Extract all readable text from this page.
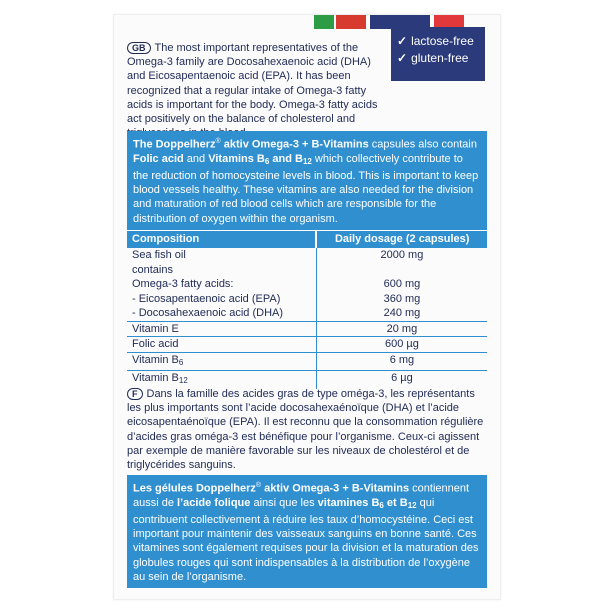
✓ lactose-free
✓ gluten-free
GB The most important representatives of the Omega-3 family are Docosahexaenoic acid (DHA) and Eicosapentaenoic acid (EPA). It has been recognized that a regular intake of Omega-3 fatty acids is important for the body. Omega-3 fatty acids act positively on the balance of cholesterol and
The Doppelherz® aktiv Omega-3 + B-Vitamins capsules also contain Folic acid and Vitamins $B_6$ and $B_{12}$ which collectively contribute to the reduction of homocysteine levels in blood. This is important to keep blood vessels healthy. These vitamins are also needed for the division and maturation of red blood cells which are responsible for the distribution of oxygen within the organism.
Composition	Daily dosage (2 capsules)
Sea fish oil	2000 mg
contains	
Omega-3 fatty acids:	600 mg
- Eicosapentaenoic acid (EPA)	360 mg
- Docosahexaenoic acid (DHA)	240 mg
Vitamin E	20 mg
Folic acid	600 µg
Vitamin $B_6$	6 mg
Vitamin $B_{12}$	6 µg
F Dans la famille des acides gras de type oméga-3, les représentants les plus importants sont l’acide docosahexaénoïque (DHA) et l’acide eicosapentaénoïque (EPA). Il est reconnu que la consommation régulière d’acides gras oméga-3 est bénéfique pour l’organisme. Ceux-ci agissent par exemple de manière favorable sur les niveaux de cholestérol et de triglycérides sanguins.
Les gélules Doppelherz® aktiv Omega-3 + B-Vitamins contiennent aussi de l’acide folique ainsi que les vitamines $B_6$ et $B_{12}$ qui contribuent collectivement à réduire les taux d’homocystéine. Ceci est important pour maintenir des vaisseaux sanguins en bonne santé. Ces vitamines sont également requises pour la division et la maturation des globules rouges qui sont indispensables à la distribution de l’oxygène au sein de l’organisme.
